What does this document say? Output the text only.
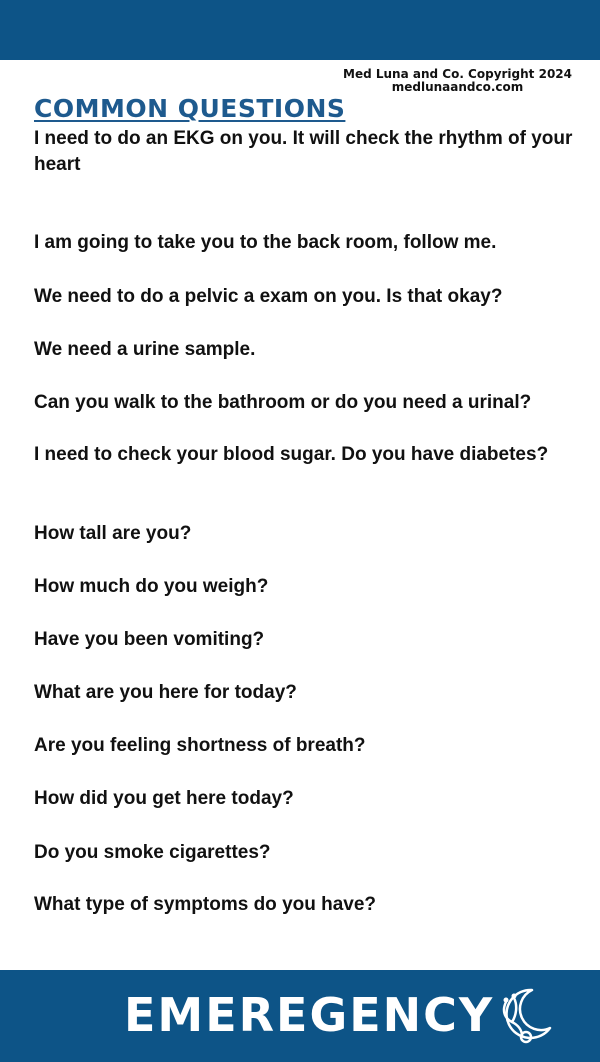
Med Luna and Co. Copyright 2024
medlunaandco.com
COMMON QUESTIONS

I need to do an EKG on you. It will check the rhythm of your heart

I am going to take you to the back room, follow me.

We need to do a pelvic a exam on you. Is that okay?

We need a urine sample.

Can you walk to the bathroom or do you need a urinal?

I need to check your blood sugar. Do you have diabetes?

How tall are you?

How much do you weigh?

Have you been vomiting?

What are you here for today?

Are you feeling shortness of breath?

How did you get here today?

Do you smoke cigarettes?

What type of symptoms do you have?

EMEREGENCY
